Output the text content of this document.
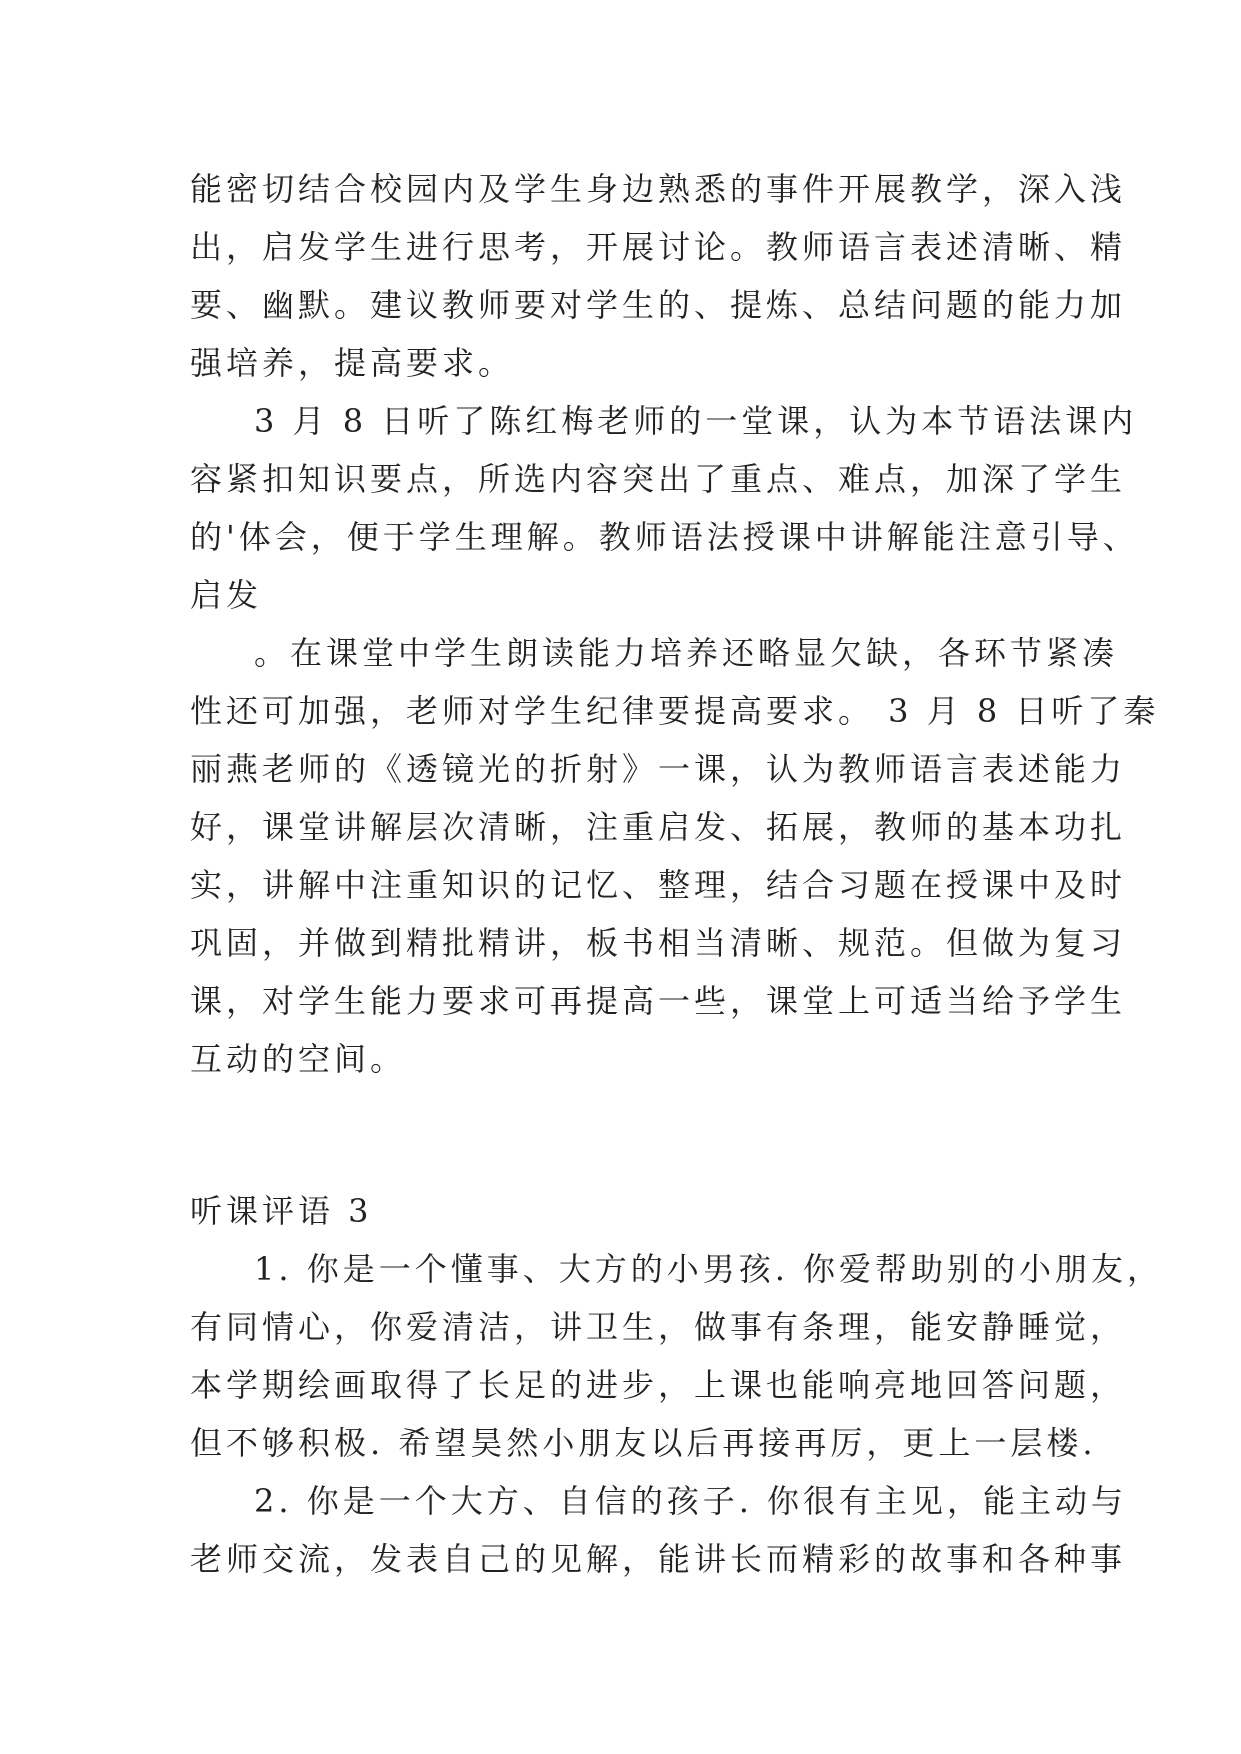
能密切结合校园内及学生身边熟悉的事件开展教学，深入浅
出，启发学生进行思考，开展讨论。教师语言表述清晰、精
要、幽默。建议教师要对学生的、提炼、总结问题的能力加
强培养，提高要求。
3 月 8 日听了陈红梅老师的一堂课，认为本节语法课内
容紧扣知识要点，所选内容突出了重点、难点，加深了学生
的'体会，便于学生理解。教师语法授课中讲解能注意引导、
启发
。在课堂中学生朗读能力培养还略显欠缺，各环节紧凑
性还可加强，老师对学生纪律要提高要求。 3 月 8 日听了秦
丽燕老师的《透镜光的折射》一课，认为教师语言表述能力
好，课堂讲解层次清晰，注重启发、拓展，教师的基本功扎
实，讲解中注重知识的记忆、整理，结合习题在授课中及时
巩固，并做到精批精讲，板书相当清晰、规范。但做为复习
课，对学生能力要求可再提高一些，课堂上可适当给予学生
互动的空间。
听课评语 3
1. 你是一个懂事、大方的小男孩. 你爱帮助别的小朋友，
有同情心，你爱清洁，讲卫生，做事有条理，能安静睡觉，
本学期绘画取得了长足的进步，上课也能响亮地回答问题，
但不够积极. 希望昊然小朋友以后再接再厉，更上一层楼.
2. 你是一个大方、自信的孩子. 你很有主见，能主动与
老师交流，发表自己的见解，能讲长而精彩的故事和各种事
